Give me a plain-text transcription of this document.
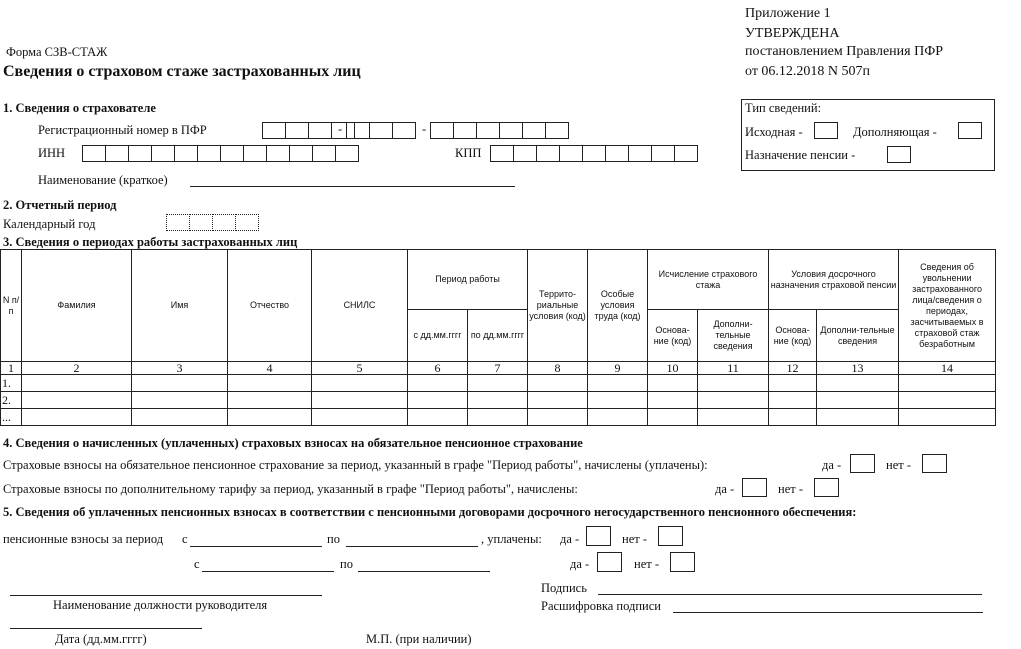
Приложение 1
УТВЕРЖДЕНА
постановлением Правления ПФР
от 06.12.2018 N 507п
Форма СЗВ-СТАЖ
Сведения о страховом стаже застрахованных лиц
1. Сведения о страхователе
Регистрационный номер в ПФР	-	-
ИНН	КПП
Наименование (краткое)
Тип сведений:
Исходная -	Дополняющая -
Назначение пенсии -
2. Отчетный период
Календарный год
3. Сведения о периодах работы застрахованных лиц
N п/п	Фамилия	Имя	Отчество	СНИЛС	Период работы		Террито-риальные условия (код)	Особые условия труда (код)	Исчисление страхового стажа		Условия досрочного назначения страховой пенсии		Сведения об увольнении застрахованного лица/сведения о периодах, засчитываемых в страховой стаж безработным
					с дд.мм.гггг	по дд.мм.гггг			Основа-ние (код)	Дополни-тельные сведения	Основа-ние (код)	Дополни-тельные сведения	
1	2	3	4	5	6	7	8	9	10	11	12	13	14
1.													
2.													
...													
4. Сведения о начисленных (уплаченных) страховых взносах на обязательное пенсионное страхование
Страховые взносы на обязательное пенсионное страхование за период, указанный в графе "Период работы", начислены (уплачены):	да -	нет -
Страховые взносы по дополнительному тарифу за период, указанный в графе "Период работы", начислены:	да -	нет -
5. Сведения об уплаченных пенсионных взносах в соответствии с пенсионными договорами досрочного негосударственного пенсионного обеспечения:
пенсионные взносы за период с	по	, уплачены: да -	нет -
с	по	да -	нет -
Наименование должности руководителя
Подпись
Расшифровка подписи
Дата (дд.мм.гггг)	М.П. (при наличии)
